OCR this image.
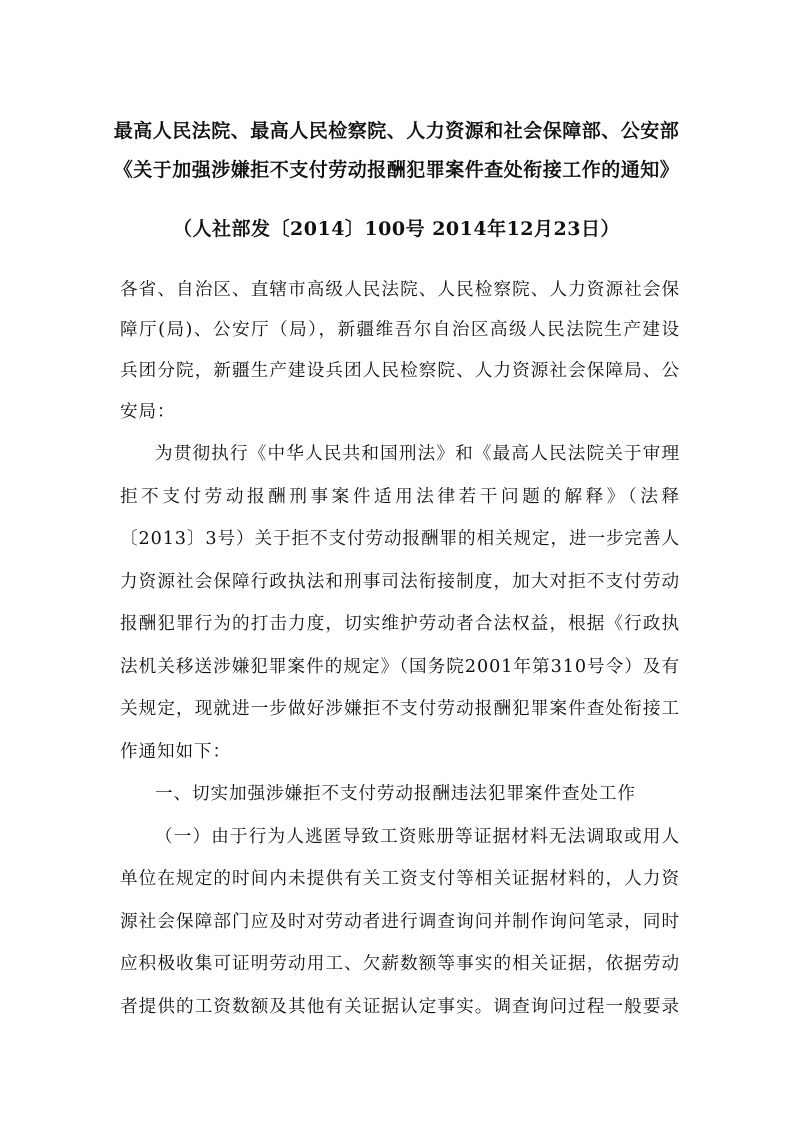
最高人民法院、最高人民检察院、人力资源和社会保障部、公安部
《关于加强涉嫌拒不支付劳动报酬犯罪案件查处衔接工作的通知》
（人社部发〔2014〕100号 2014年12月23日）
各省、自治区、直辖市高级人民法院、人民检察院、人力资源社会保
障厅(局)、公安厅（局），新疆维吾尔自治区高级人民法院生产建设
兵团分院，新疆生产建设兵团人民检察院、人力资源社会保障局、公
安局：
为贯彻执行《中华人民共和国刑法》和《最高人民法院关于审理
拒不支付劳动报酬刑事案件适用法律若干问题的解释》（法释
〔2013〕3号）关于拒不支付劳动报酬罪的相关规定，进一步完善人
力资源社会保障行政执法和刑事司法衔接制度，加大对拒不支付劳动
报酬犯罪行为的打击力度，切实维护劳动者合法权益，根据《行政执
法机关移送涉嫌犯罪案件的规定》（国务院2001年第310号令）及有
关规定，现就进一步做好涉嫌拒不支付劳动报酬犯罪案件查处衔接工
作通知如下：
一、切实加强涉嫌拒不支付劳动报酬违法犯罪案件查处工作
（一）由于行为人逃匿导致工资账册等证据材料无法调取或用人
单位在规定的时间内未提供有关工资支付等相关证据材料的，人力资
源社会保障部门应及时对劳动者进行调查询问并制作询问笔录，同时
应积极收集可证明劳动用工、欠薪数额等事实的相关证据，依据劳动
者提供的工资数额及其他有关证据认定事实。调查询问过程一般要录
